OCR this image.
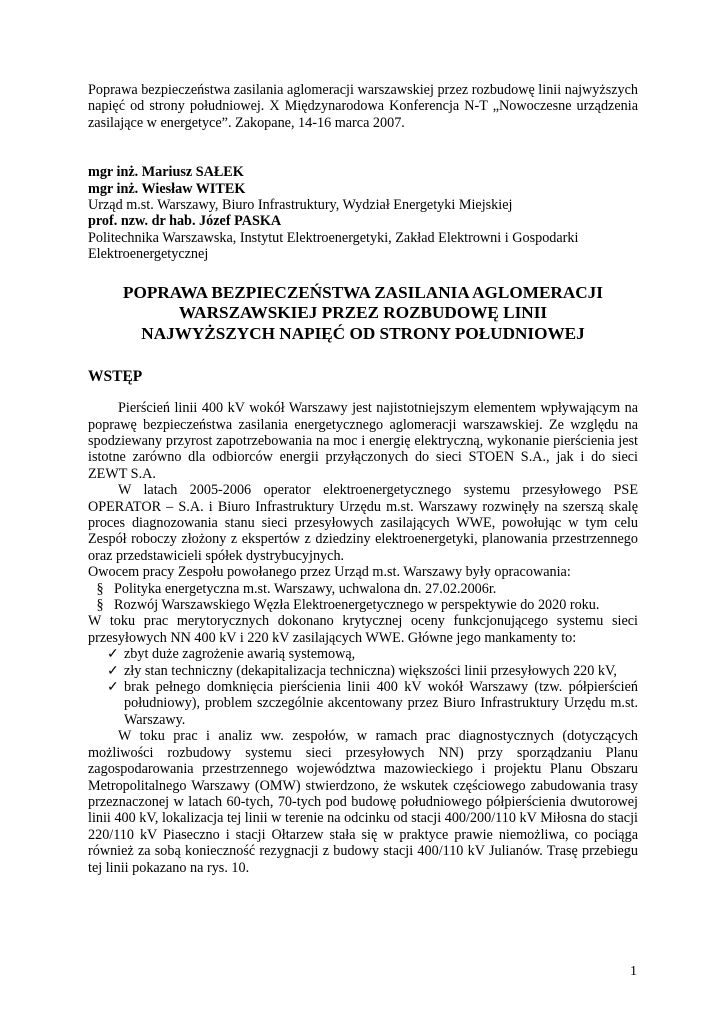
Poprawa bezpieczeństwa zasilania aglomeracji warszawskiej przez rozbudowę linii najwyższych napięć od strony południowej. X Międzynarodowa Konferencja N-T „Nowoczesne urządzenia zasilające w energetyce”. Zakopane, 14-16 marca 2007.

mgr inż. Mariusz SAŁEK

mgr inż. Wiesław WITEK

Urząd m.st. Warszawy, Biuro Infrastruktury, Wydział Energetyki Miejskiej

prof. nzw. dr hab. Józef PASKA

Politechnika Warszawska, Instytut Elektroenergetyki, Zakład Elektrowni i Gospodarki Elektroenergetycznej

POPRAWA BEZPIECZEŃSTWA ZASILANIA AGLOMERACJI
WARSZAWSKIEJ PRZEZ ROZBUDOWĘ LINII
NAJWYŻSZYCH NAPIĘĆ OD STRONY POŁUDNIOWEJ
WSTĘP

Pierścień linii 400 kV wokół Warszawy jest najistotniejszym elementem wpływającym na poprawę bezpieczeństwa zasilania energetycznego aglomeracji warszawskiej. Ze względu na spodziewany przyrost zapotrzebowania na moc i energię elektryczną, wykonanie pierścienia jest istotne zarówno dla odbiorców energii przyłączonych do sieci STOEN S.A., jak i do sieci ZEWT S.A.

W latach 2005-2006 operator elektroenergetycznego systemu przesyłowego PSE OPERATOR – S.A. i Biuro Infrastruktury Urzędu m.st. Warszawy rozwinęły na szerszą skalę proces diagnozowania stanu sieci przesyłowych zasilających WWE, powołując w tym celu Zespół roboczy złożony z ekspertów z dziedziny elektroenergetyki, planowania przestrzennego oraz przedstawicieli spółek dystrybucyjnych.

Owocem pracy Zespołu powołanego przez Urząd m.st. Warszawy były opracowania:

§ Polityka energetyczna m.st. Warszawy, uchwalona dn. 27.02.2006r.
§ Rozwój Warszawskiego Węzła Elektroenergetycznego w perspektywie do 2020 roku.

W toku prac merytorycznych dokonano krytycznej oceny funkcjonującego systemu sieci przesyłowych NN 400 kV i 220 kV zasilających WWE. Główne jego mankamenty to:

✓ zbyt duże zagrożenie awarią systemową,
✓ zły stan techniczny (dekapitalizacja techniczna) większości linii przesyłowych 220 kV,
✓ brak pełnego domknięcia pierścienia linii 400 kV wokół Warszawy (tzw. półpierścień południowy), problem szczególnie akcentowany przez Biuro Infrastruktury Urzędu m.st. Warszawy.

W toku prac i analiz ww. zespołów, w ramach prac diagnostycznych (dotyczących możliwości rozbudowy systemu sieci przesyłowych NN) przy sporządzaniu Planu zagospodarowania przestrzennego województwa mazowieckiego i projektu Planu Obszaru Metropolitalnego Warszawy (OMW) stwierdzono, że wskutek częściowego zabudowania trasy przeznaczonej w latach 60-tych, 70-tych pod budowę południowego półpierścienia dwutorowej linii 400 kV, lokalizacja tej linii w terenie na odcinku od stacji 400/200/110 kV Miłosna do stacji 220/110 kV Piaseczno i stacji Ołtarzew stała się w praktyce prawie niemożliwa, co pociąga również za sobą konieczność rezygnacji z budowy stacji 400/110 kV Julianów. Trasę przebiegu tej linii pokazano na rys. 10.

1
